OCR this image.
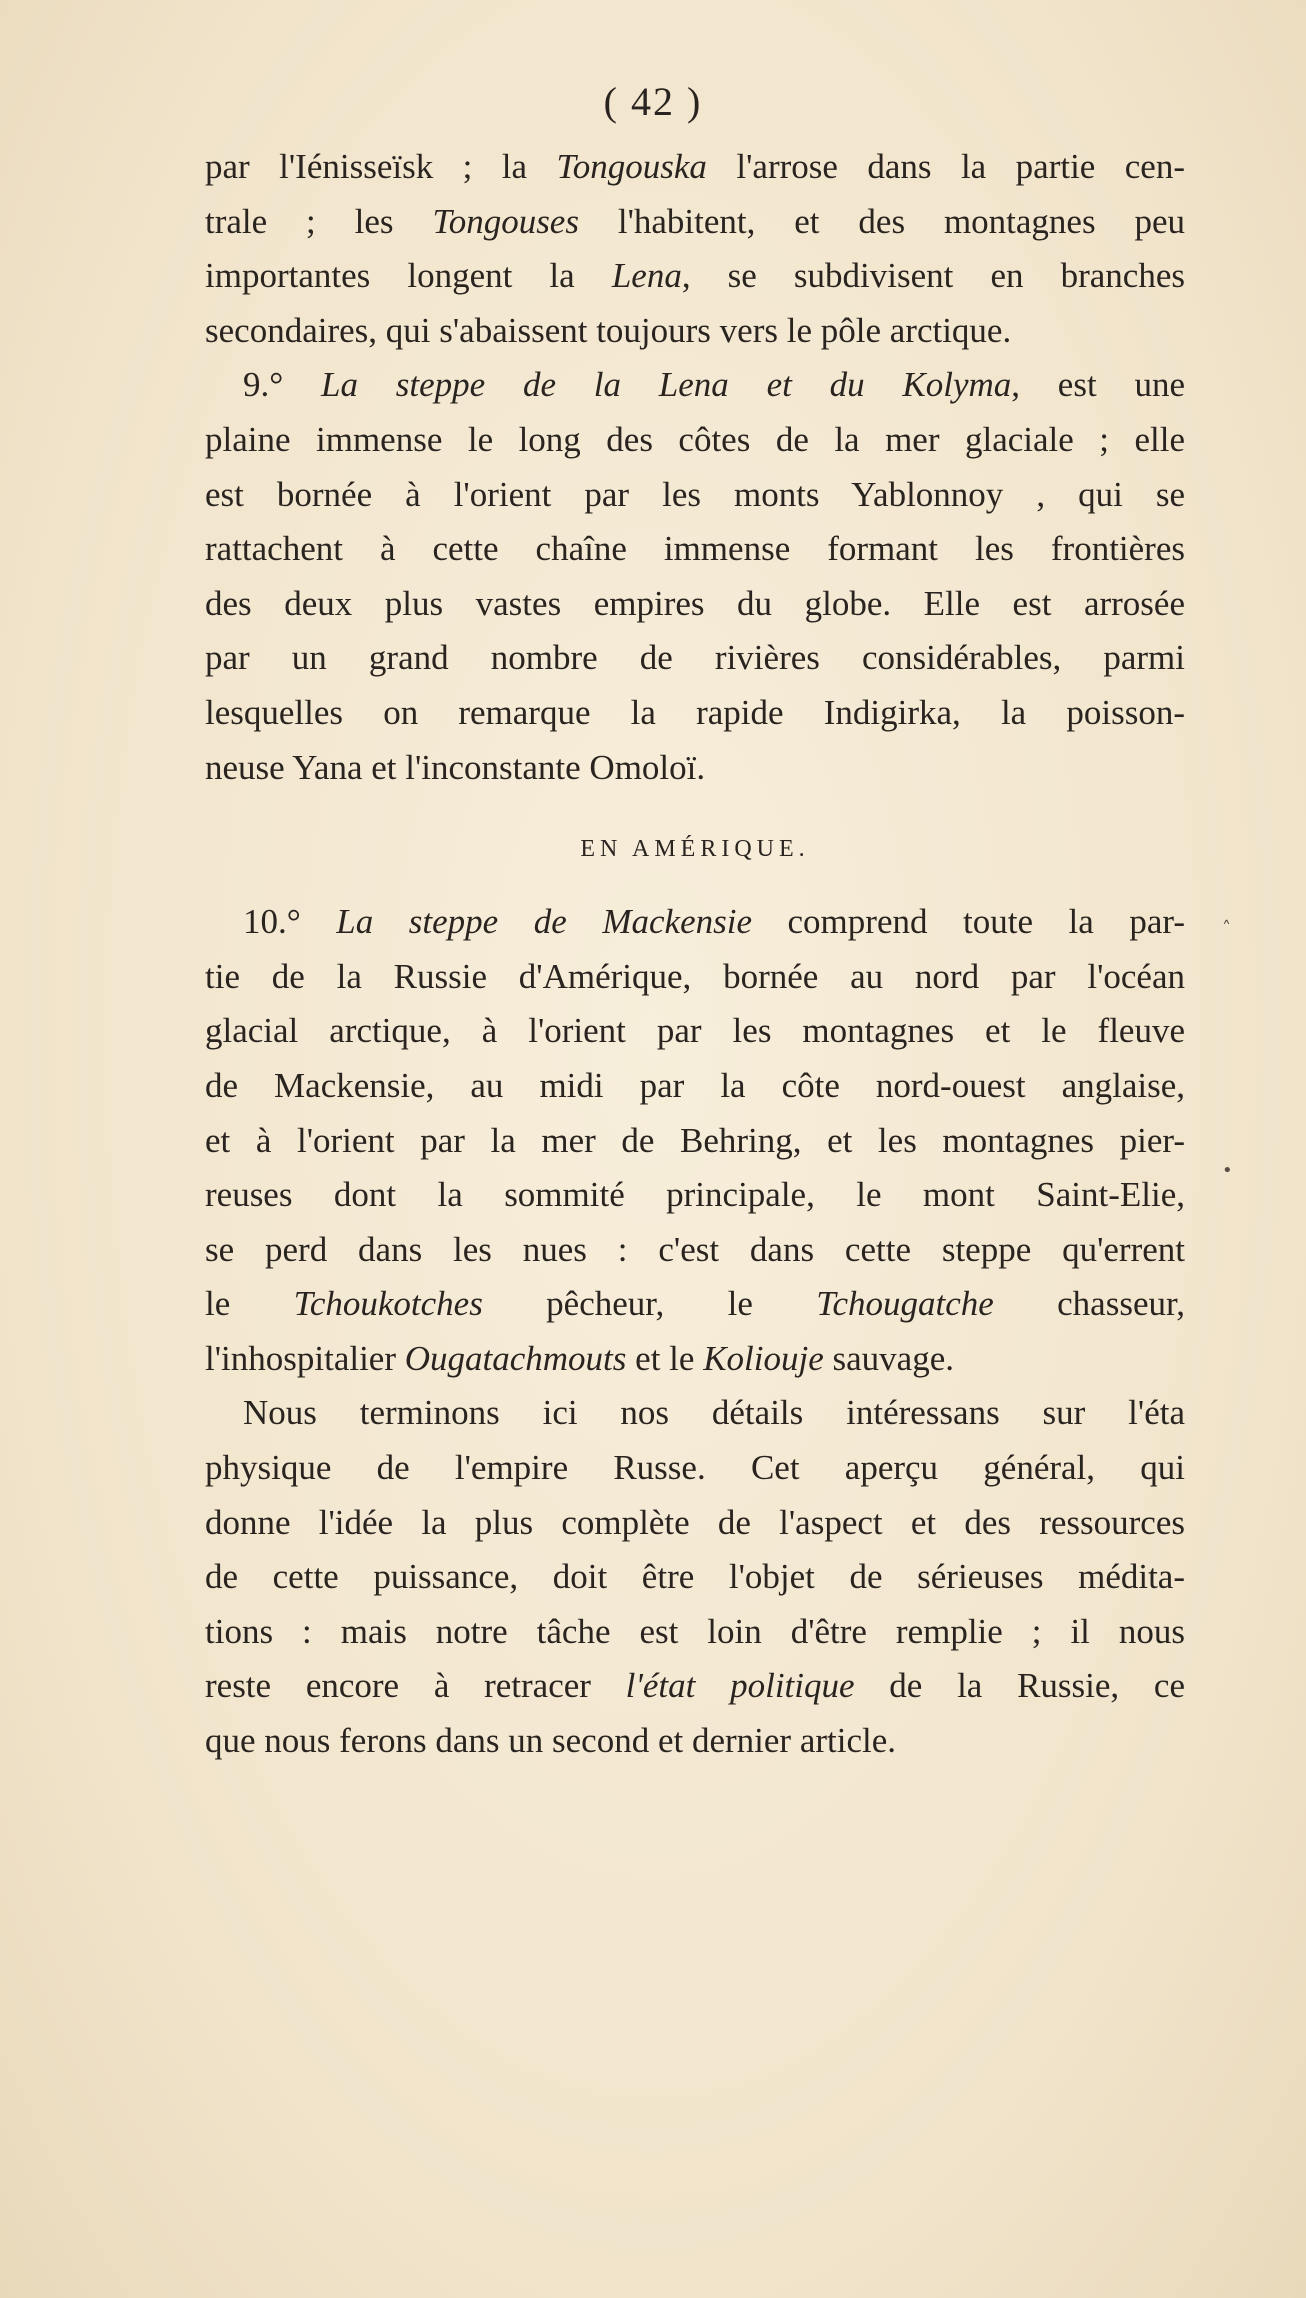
( 42 )
par l'Iénisseïsk ; la Tongouska l'arrose dans la partie cen-
trale ; les Tongouses l'habitent, et des montagnes peu
importantes longent la Lena, se subdivisent en branches
secondaires, qui s'abaissent toujours vers le pôle arctique.
9.° La steppe de la Lena et du Kolyma, est une
plaine immense le long des côtes de la mer glaciale ; elle
est bornée à l'orient par les monts Yablonnoy , qui se
rattachent à cette chaîne immense formant les frontières
des deux plus vastes empires du globe. Elle est arrosée
par un grand nombre de rivières considérables, parmi
lesquelles on remarque la rapide Indigirka, la poisson-
neuse Yana et l'inconstante Omoloï.
EN AMÉRIQUE.
10.° La steppe de Mackensie comprend toute la par-
tie de la Russie d'Amérique, bornée au nord par l'océan
glacial arctique, à l'orient par les montagnes et le fleuve
de Mackensie, au midi par la côte nord-ouest anglaise,
et à l'orient par la mer de Behring, et les montagnes pier-
reuses dont la sommité principale, le mont Saint-Elie,
se perd dans les nues : c'est dans cette steppe qu'errent
le Tchoukotches pêcheur, le Tchougatche chasseur,
l'inhospitalier Ougatachmouts et le Koliouje sauvage.
Nous terminons ici nos détails intéressans sur l'éta
physique de l'empire Russe. Cet aperçu général, qui
donne l'idée la plus complète de l'aspect et des ressources
de cette puissance, doit être l'objet de sérieuses médita-
tions : mais notre tâche est loin d'être remplie ; il nous
reste encore à retracer l'état politique de la Russie, ce
que nous ferons dans un second et dernier article.
˄
•
